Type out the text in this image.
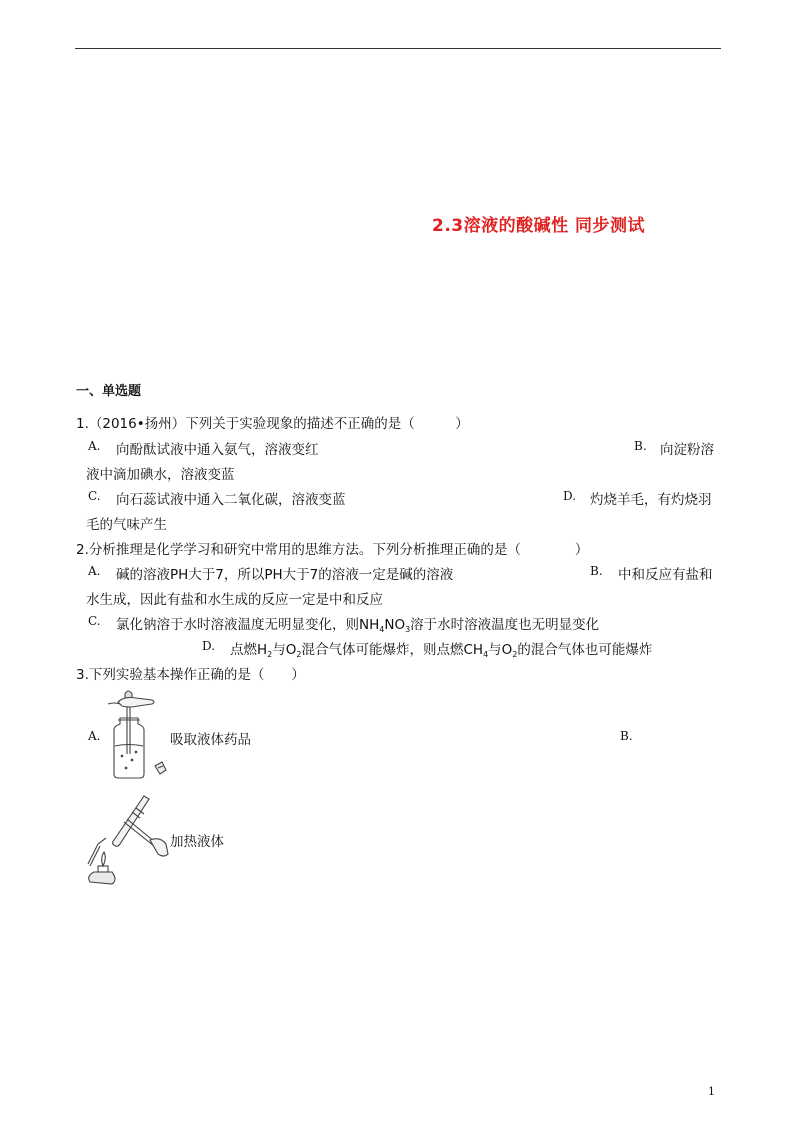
2.3溶液的酸碱性 同步测试
一、单选题
1.（2016•扬州）下列关于实验现象的描述不正确的是（　　　）
A. 向酚酞试液中通入氨气，溶液变红	B. 向淀粉溶
液中滴加碘水，溶液变蓝
C. 向石蕊试液中通入二氧化碳，溶液变蓝	D. 灼烧羊毛，有灼烧羽
毛的气味产生
2.分析推理是化学学习和研究中常用的思维方法。下列分析推理正确的是（　　　　）
A. 碱的溶液PH大于7，所以PH大于7的溶液一定是碱的溶液	B. 中和反应有盐和
水生成，因此有盐和水生成的反应一定是中和反应
C. 氯化钠溶于水时溶液温度无明显变化，则$NH_4NO_3$溶于水时溶液温度也无明显变化
D. 点燃$H_2$与$O_2$混合气体可能爆炸，则点燃$CH_4$与$O_2$的混合气体也可能爆炸
3.下列实验基本操作正确的是（　　）
A.	吸取液体药品	B.
加热液体
1
